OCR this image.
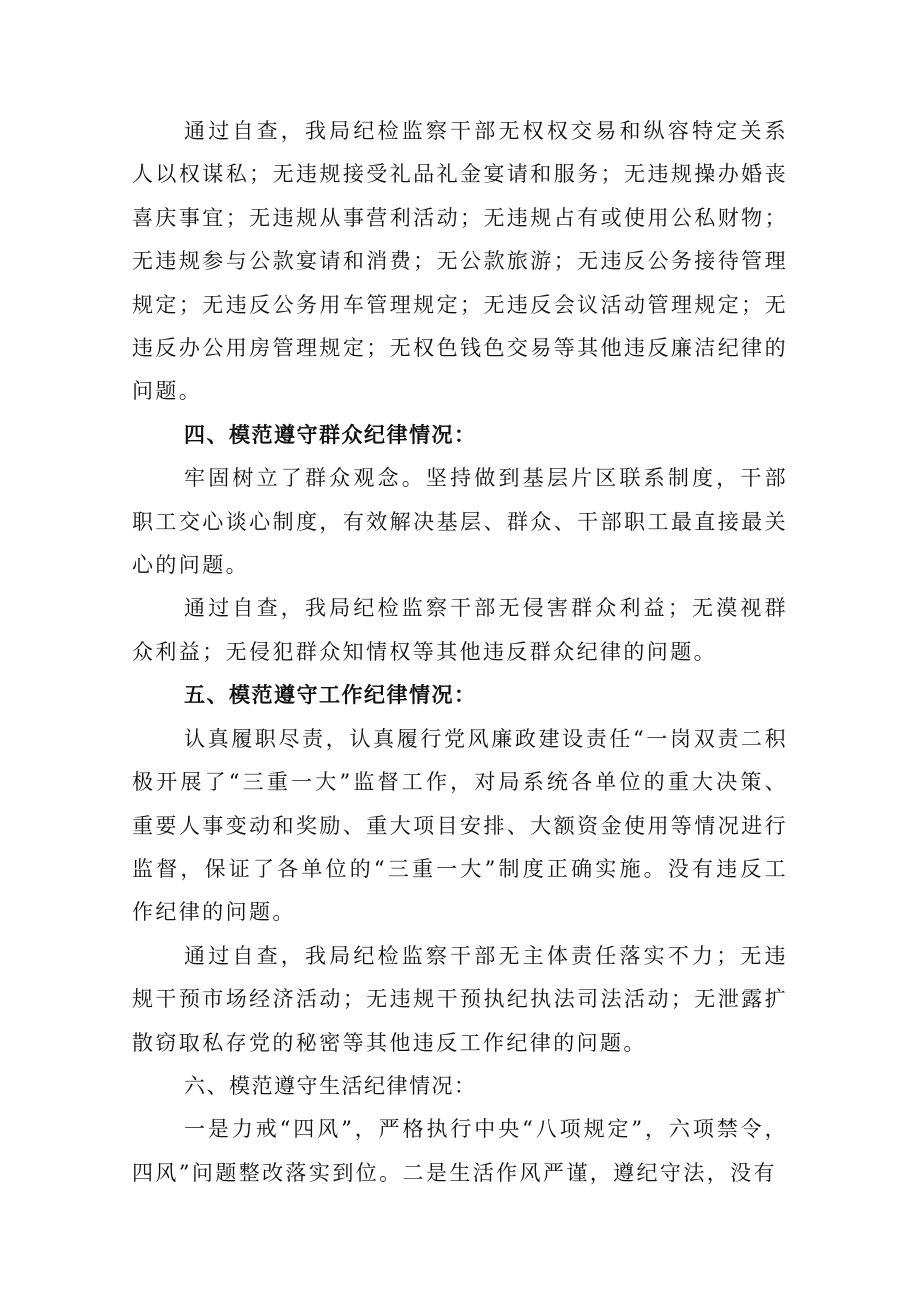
通过自查，我局纪检监察干部无权权交易和纵容特定关系人以权谋私；无违规接受礼品礼金宴请和服务；无违规操办婚丧喜庆事宜；无违规从事营利活动；无违规占有或使用公私财物；无违规参与公款宴请和消费；无公款旅游；无违反公务接待管理规定；无违反公务用车管理规定；无违反会议活动管理规定；无违反办公用房管理规定；无权色钱色交易等其他违反廉洁纪律的问题。

四、模范遵守群众纪律情况：

牢固树立了群众观念。坚持做到基层片区联系制度，干部职工交心谈心制度，有效解决基层、群众、干部职工最直接最关心的问题。

通过自查，我局纪检监察干部无侵害群众利益；无漠视群众利益；无侵犯群众知情权等其他违反群众纪律的问题。

五、模范遵守工作纪律情况：

认真履职尽责，认真履行党风廉政建设责任“一岗双责二积极开展了“三重一大”监督工作，对局系统各单位的重大决策、重要人事变动和奖励、重大项目安排、大额资金使用等情况进行监督，保证了各单位的“三重一大”制度正确实施。没有违反工作纪律的问题。

通过自查，我局纪检监察干部无主体责任落实不力；无违规干预市场经济活动；无违规干预执纪执法司法活动；无泄露扩散窃取私存党的秘密等其他违反工作纪律的问题。

六、模范遵守生活纪律情况：

一是力戒“四风”，严格执行中央“八项规定”，六项禁令，四风”问题整改落实到位。二是生活作风严谨，遵纪守法，没有
